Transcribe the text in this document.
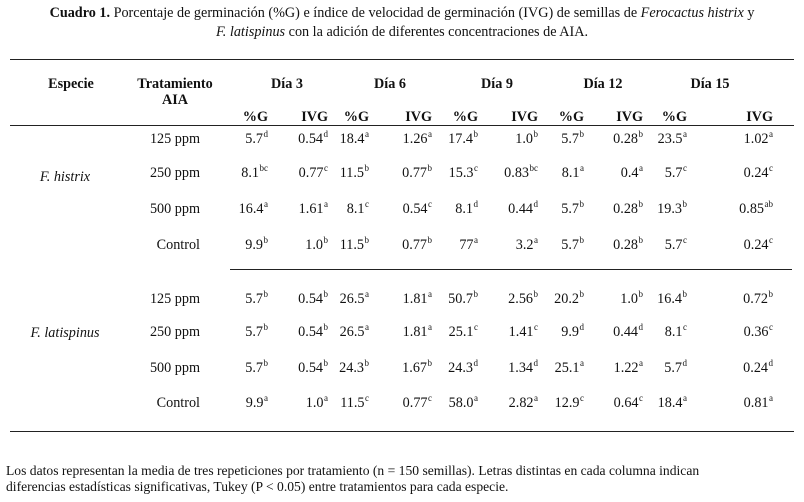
Cuadro 1. Porcentaje de germinación (%G) e índice de velocidad de germinación (IVG) de semillas de Ferocactus histrix y
F. latispinus con la adición de diferentes concentraciones de AIA.
Especie	Tratamiento
AIA
Día 3	Día 6	Día 9	Día 12	Día 15
%G	IVG	%G	IVG	%G	IVG	%G	IVG	%G	IVG
F. histrix
F. latispinus
125 ppm	5.7$^d$	0.54$^d$ 18.4$^a$	1.26$^a$	17.4$^b$	1.0$^b$	5.7$^b$	0.28$^b$	23.5$^a$	1.02$^a$
250 ppm	8.1$^{bc}$	0.77$^c$ 11.5$^b$	0.77$^b$	15.3$^c$	0.83$^{bc}$	8.1$^a$	0.4$^a$	5.7$^c$	0.24$^c$
500 ppm	16.4$^a$	1.61$^a$	8.1$^c$	0.54$^c$	8.1$^d$	0.44$^d$	5.7$^b$	0.28$^b$ 19.3$^b$	0.85$^{ab}$
Control	9.9$^b$	1.0$^b$ 11.5$^b$	0.77$^b$	77$^a$	3.2$^a$	5.7$^b$	0.28$^b$	5.7$^c$	0.24$^c$
125 ppm	5.7$^b$	0.54$^b$ 26.5$^a$	1.81$^a$	50.7$^b$	2.56$^b$	20.2$^b$	1.0$^b$ 16.4$^b$	0.72$^b$
250 ppm	5.7$^b$	0.54$^b$ 26.5$^a$	1.81$^a$	25.1$^c$	1.41$^c$	9.9$^d$	0.44$^d$	8.1$^c$	0.36$^c$
500 ppm	5.7$^b$	0.54$^b$ 24.3$^b$	1.67$^b$	24.3$^d$	1.34$^d$	25.1$^a$	1.22$^a$	5.7$^d$	0.24$^d$
Control	9.9$^a$	1.0$^a$ 11.5$^c$	0.77$^c$	58.0$^a$	2.82$^a$	12.9$^c$	0.64$^c$	18.4$^a$	0.81$^a$
Los datos representan la media de tres repeticiones por tratamiento (n = 150 semillas). Letras distintas en cada columna indican
diferencias estadísticas significativas, Tukey (P < 0.05) entre tratamientos para cada especie.
